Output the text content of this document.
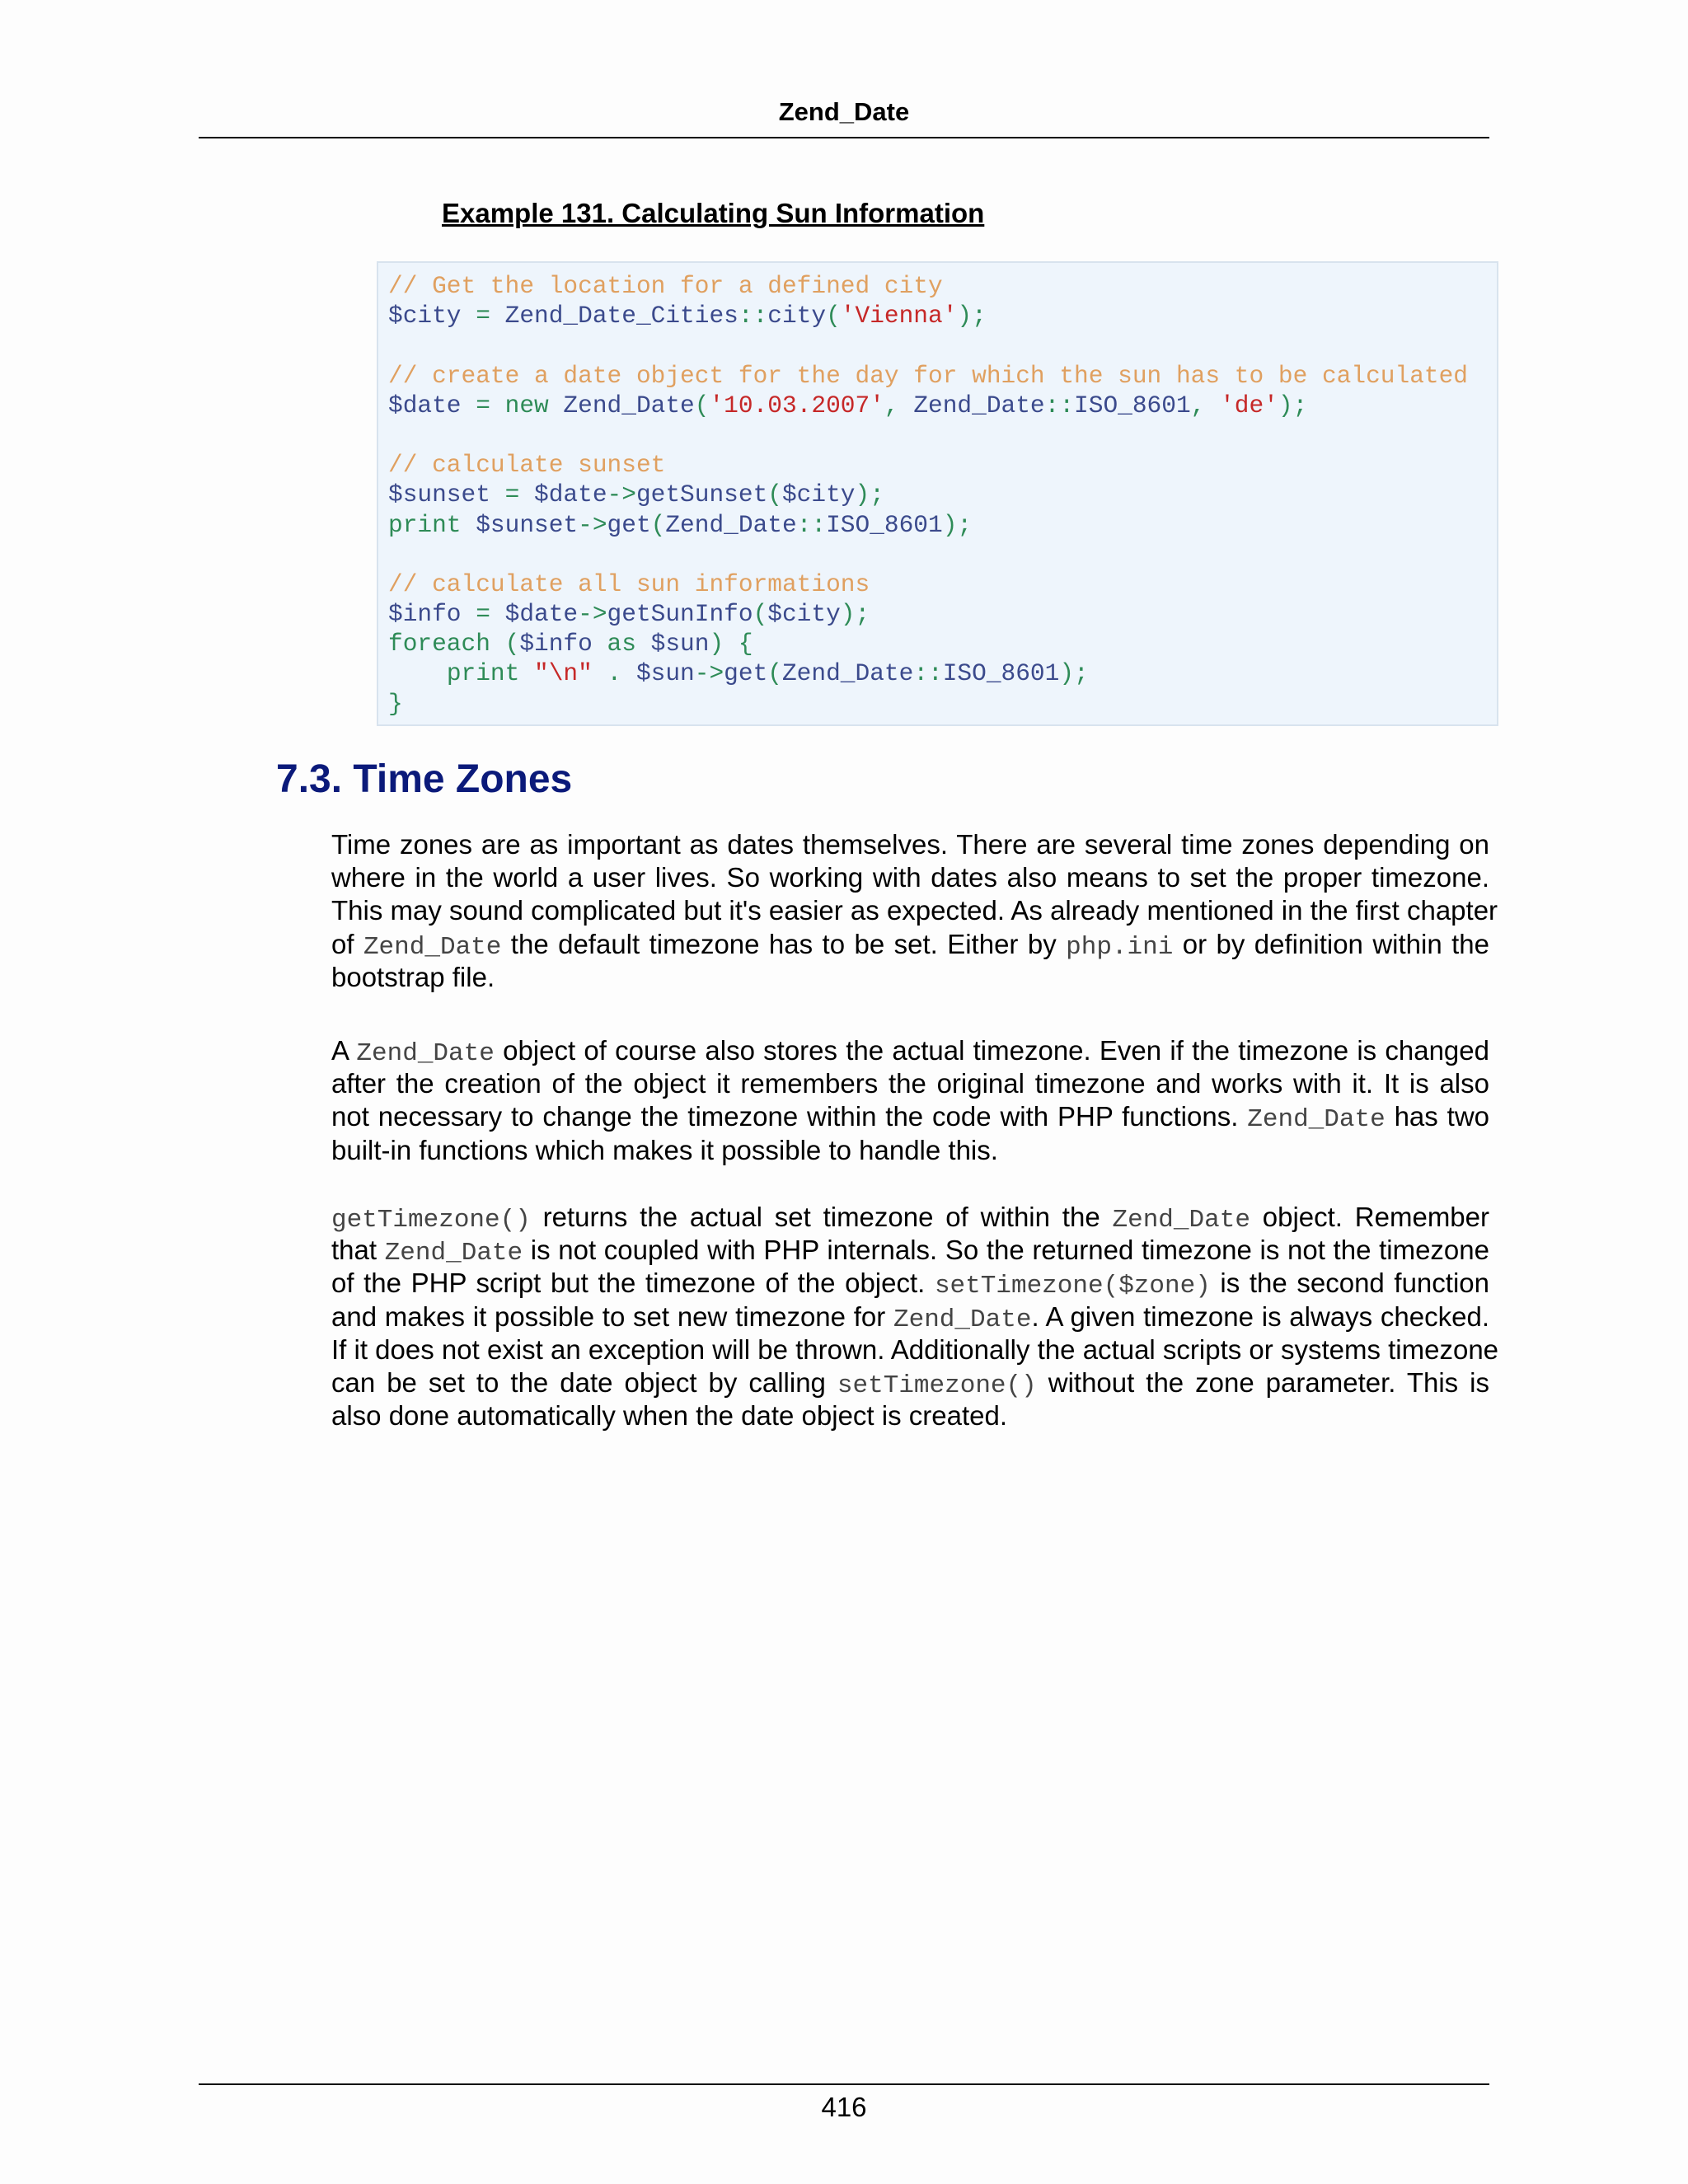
Zend_Date
Example 131. Calculating Sun Information
// Get the location for a defined city
$city = Zend_Date_Cities::city('Vienna');
// create a date object for the day for which the sun has to be calculated
$date = new Zend_Date('10.03.2007', Zend_Date::ISO_8601, 'de');
// calculate sunset
$sunset = $date->getSunset($city);
print $sunset->get(Zend_Date::ISO_8601);
// calculate all sun informations
$info = $date->getSunInfo($city);
foreach ($info as $sun) {
print "\n" . $sun->get(Zend_Date::ISO_8601);
}
7.3. Time Zones
Time zones are as important as dates themselves. There are several time zones depending on
where in the world a user lives. So working with dates also means to set the proper timezone.
This may sound complicated but it's easier as expected. As already mentioned in the first chapter
of Zend_Date the default timezone has to be set. Either by php.ini or by definition within the
bootstrap file.
A Zend_Date object of course also stores the actual timezone. Even if the timezone is changed
after the creation of the object it remembers the original timezone and works with it. It is also
not necessary to change the timezone within the code with PHP functions. Zend_Date has two
built-in functions which makes it possible to handle this.
getTimezone() returns the actual set timezone of within the Zend_Date object. Remember
that Zend_Date is not coupled with PHP internals. So the returned timezone is not the timezone
of the PHP script but the timezone of the object. setTimezone($zone) is the second function
and makes it possible to set new timezone for Zend_Date. A given timezone is always checked.
If it does not exist an exception will be thrown. Additionally the actual scripts or systems timezone
can be set to the date object by calling setTimezone() without the zone parameter. This is
also done automatically when the date object is created.
416
